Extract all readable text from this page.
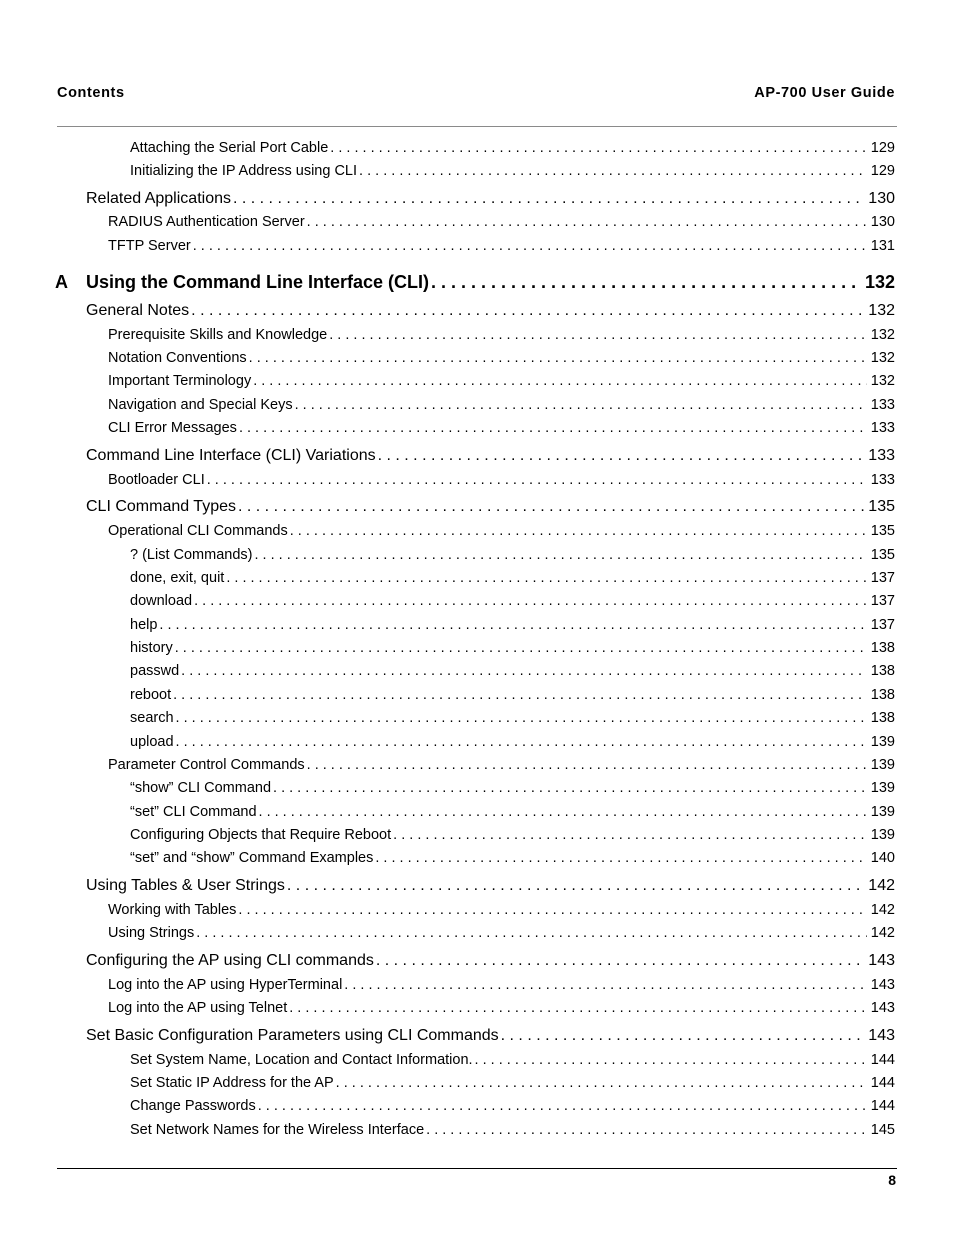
Contents	AP-700 User Guide
Attaching the Serial Port Cable . . .	129
Initializing the IP Address using CLI . . .	129
Related Applications . . .	130
RADIUS Authentication Server . . .	130
TFTP Server . . .	131
A	Using the Command Line Interface (CLI) . . .	132
General Notes . . .	132
Prerequisite Skills and Knowledge . . .	132
Notation Conventions . . .	132
Important Terminology . . .	132
Navigation and Special Keys . . .	133
CLI Error Messages . . .	133
Command Line Interface (CLI) Variations . . .	133
Bootloader CLI . . .	133
CLI Command Types . . .	135
Operational CLI Commands . . .	135
? (List Commands) . . .	135
done, exit, quit . . .	137
download . . .	137
help . . .	137
history . . .	138
passwd . . .	138
reboot . . .	138
search . . .	138
upload . . .	139
Parameter Control Commands . . .	139
“show” CLI Command . . .	139
“set” CLI Command . . .	139
Configuring Objects that Require Reboot . . .	139
“set” and “show” Command Examples . . .	140
Using Tables & User Strings . . .	142
Working with Tables . . .	142
Using Strings . . .	142
Configuring the AP using CLI commands . . .	143
Log into the AP using HyperTerminal . . .	143
Log into the AP using Telnet . . .	143
Set Basic Configuration Parameters using CLI Commands . . .	143
Set System Name, Location and Contact Information. . . .	144
Set Static IP Address for the AP . . .	144
Change Passwords . . .	144
Set Network Names for the Wireless Interface . . .	145
8
